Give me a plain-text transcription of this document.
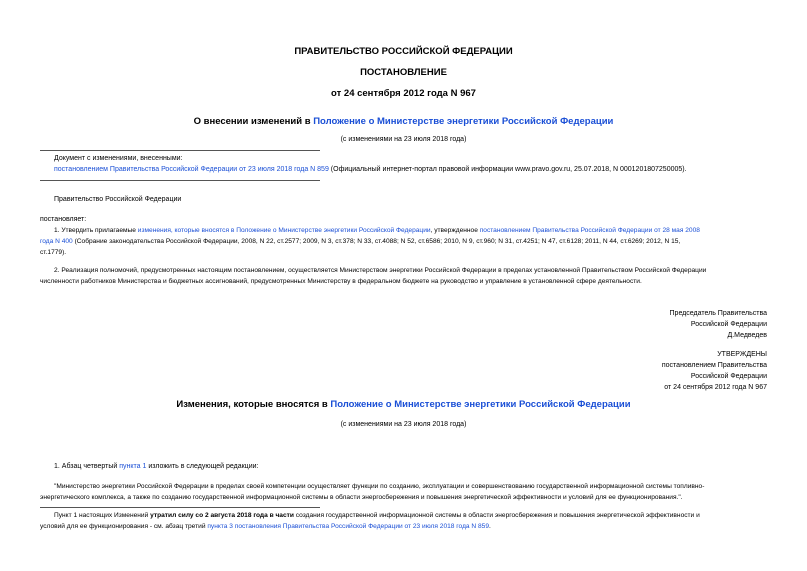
ПРАВИТЕЛЬСТВО РОССИЙСКОЙ ФЕДЕРАЦИИ
ПОСТАНОВЛЕНИЕ
от 24 сентября 2012 года N 967
О внесении изменений в Положение о Министерстве энергетики Российской Федерации
(с изменениями на 23 июля 2018 года)
Документ с изменениями, внесенными:
постановлением Правительства Российской Федерации от 23 июля 2018 года N 859 (Официальный интернет-портал правовой информации www.pravo.gov.ru, 25.07.2018, N 0001201807250005).
Правительство Российской Федерации
постановляет:
1. Утвердить прилагаемые изменения, которые вносятся в Положение о Министерстве энергетики Российской Федерации, утвержденное постановлением Правительства Российской Федерации от 28 мая 2008
года N 400 (Собрание законодательства Российской Федерации, 2008, N 22, ст.2577; 2009, N 3, ст.378; N 33, ст.4088; N 52, ст.6586; 2010, N 9, ст.960; N 31, ст.4251; N 47, ст.6128; 2011, N 44, ст.6269; 2012, N 15,
ст.1779).
2. Реализация полномочий, предусмотренных настоящим постановлением, осуществляется Министерством энергетики Российской Федерации в пределах установленной Правительством Российской Федерации
численности работников Министерства и бюджетных ассигнований, предусмотренных Министерству в федеральном бюджете на руководство и управление в установленной сфере деятельности.
Председатель Правительства
Российской Федерации
Д.Медведев
УТВЕРЖДЕНЫ
постановлением Правительства
Российской Федерации
от 24 сентября 2012 года N 967
Изменения, которые вносятся в Положение о Министерстве энергетики Российской Федерации
(с изменениями на 23 июля 2018 года)
1. Абзац четвертый пункта 1 изложить в следующей редакции:
"Министерство энергетики Российской Федерации в пределах своей компетенции осуществляет функции по созданию, эксплуатации и совершенствованию государственной информационной системы топливно-
энергетического комплекса, а также по созданию государственной информационной системы в области энергосбережения и повышения энергетической эффективности и условий для ее функционирования.".
Пункт 1 настоящих Изменений утратил силу со 2 августа 2018 года в части создания государственной информационной системы в области энергосбережения и повышения энергетической эффективности и
условий для ее функционирования - см. абзац третий пункта 3 постановления Правительства Российской Федерации от 23 июля 2018 года N 859.
